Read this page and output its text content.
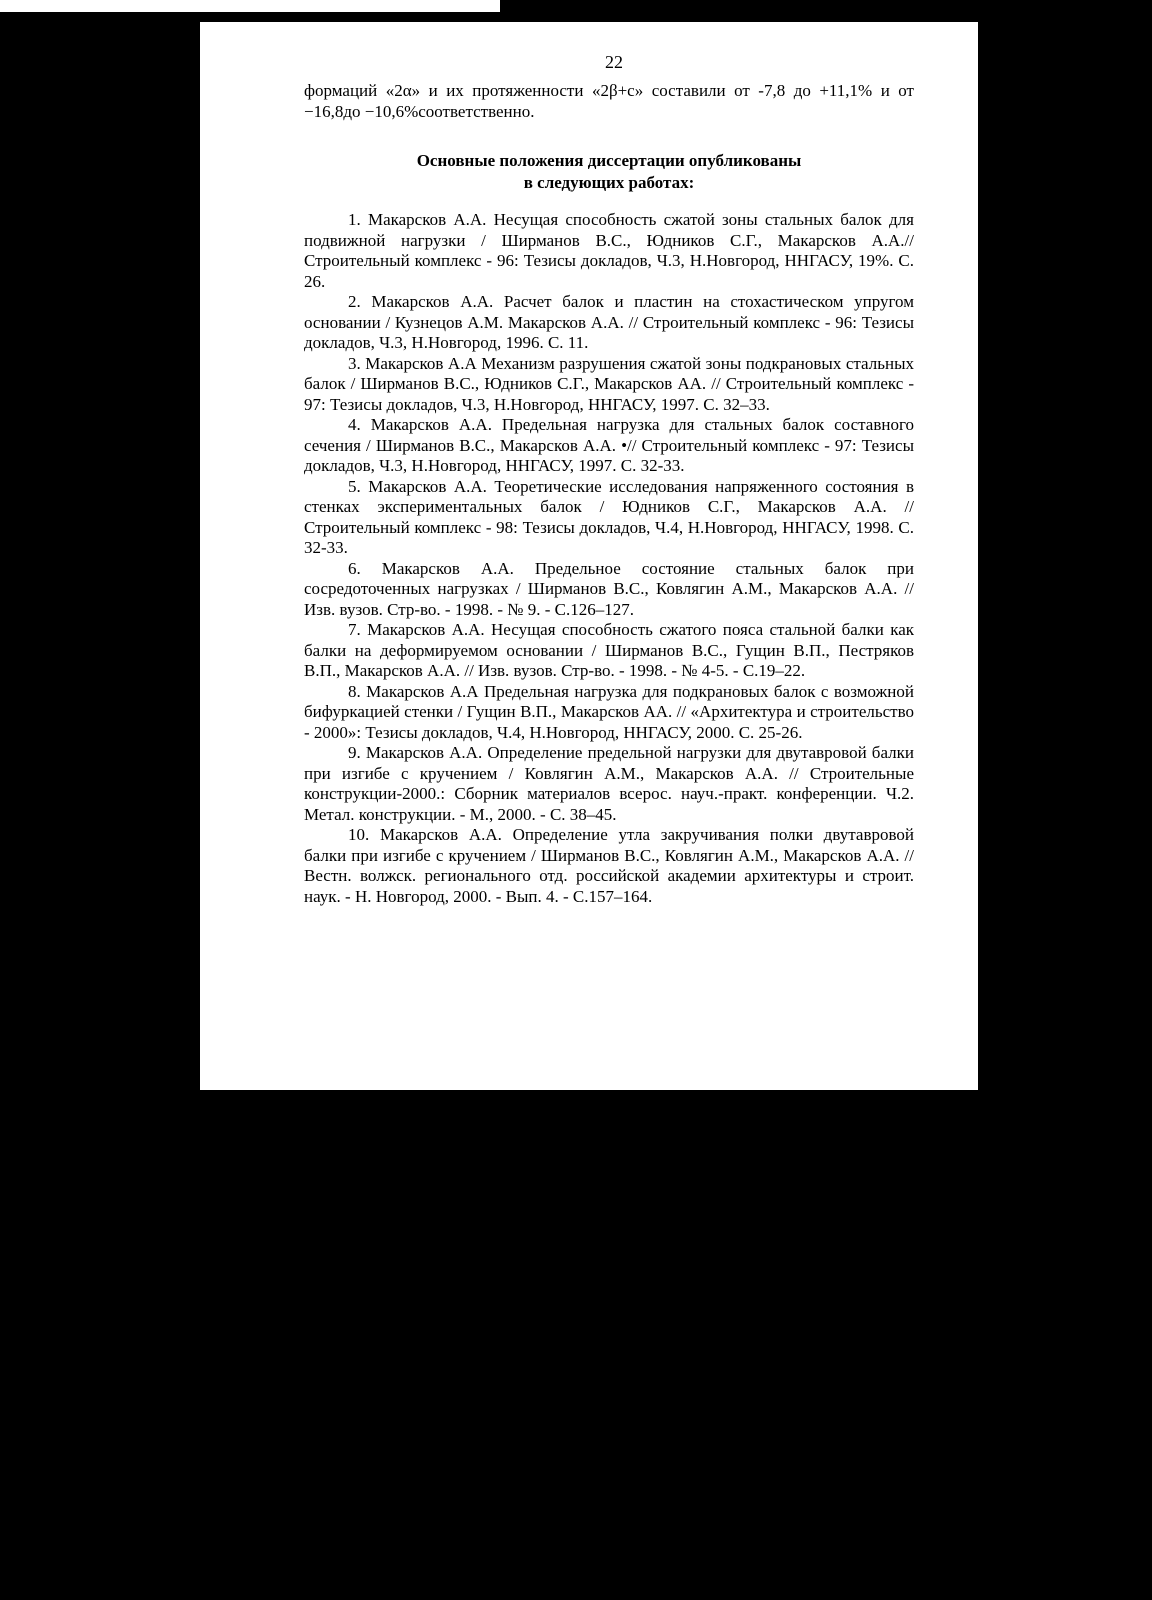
22
формаций «2α» и их протяженности «2β+с» составили от -7,8 до +11,1% и от −16,8до −10,6%соответственно.
Основные положения диссертации опубликованы
в следующих работах:

1. Макарсков А.А. Несущая способность сжатой зоны стальных балок для подвижной нагрузки / Ширманов В.С., Юдников С.Г., Макарсков А.А.// Строительный комплекс - 96: Тезисы докладов, Ч.3, Н.Новгород, ННГАСУ, 19%. С. 26.

2. Макарсков А.А. Расчет балок и пластин на стохастическом упругом основании / Кузнецов А.М. Макарсков А.А. // Строительный комплекс - 96: Тезисы докладов, Ч.3, Н.Новгород, 1996. С. 11.

3. Макарсков А.А Механизм разрушения сжатой зоны подкрановых стальных балок / Ширманов В.С., Юдников С.Г., Макарсков АА. // Строительный комплекс - 97: Тезисы докладов, Ч.3, Н.Новгород, ННГАСУ, 1997. С. 32–33.

4. Макарсков А.А. Предельная нагрузка для стальных балок составного сечения / Ширманов В.С., Макарсков А.А. •// Строительный комплекс - 97: Тезисы докладов, Ч.3, Н.Новгород, ННГАСУ, 1997. С. 32-33.

5. Макарсков А.А. Теоретические исследования напряженного состояния в стенках экспериментальных балок / Юдников С.Г., Макарсков А.А. // Строительный комплекс - 98: Тезисы докладов, Ч.4, Н.Новгород, ННГАСУ, 1998. С. 32-33.

6. Макарсков А.А. Предельное состояние стальных балок при сосредоточенных нагрузках / Ширманов В.С., Ковлягин А.М., Макарсков А.А. // Изв. вузов. Стр-во. - 1998. - № 9. - С.126–127.

7. Макарсков А.А. Несущая способность сжатого пояса стальной балки как балки на деформируемом основании / Ширманов В.С., Гущин В.П., Пестряков В.П., Макарсков А.А. // Изв. вузов. Стр-во. - 1998. - № 4-5. - С.19–22.

8. Макарсков А.А Предельная нагрузка для подкрановых балок с возможной бифуркацией стенки / Гущин В.П., Макарсков АА. // «Архитектура и строительство - 2000»: Тезисы докладов, Ч.4, Н.Новгород, ННГАСУ, 2000. С. 25-26.

9. Макарсков А.А. Определение предельной нагрузки для двутавровой балки при изгибе с кручением / Ковлягин А.М., Макарсков А.А. // Строительные конструкции-2000.: Сборник материалов всерос. науч.-практ. конференции. Ч.2. Метал. конструкции. - М., 2000. - С. 38–45.

10. Макарсков А.А. Определение утла закручивания полки двутавровой балки при изгибе с кручением / Ширманов В.С., Ковлягин А.М., Макарсков А.А. // Вестн. волжск. регионального отд. российской академии архитектуры и строит. наук. - Н. Новгород, 2000. - Вып. 4. - С.157–164.
